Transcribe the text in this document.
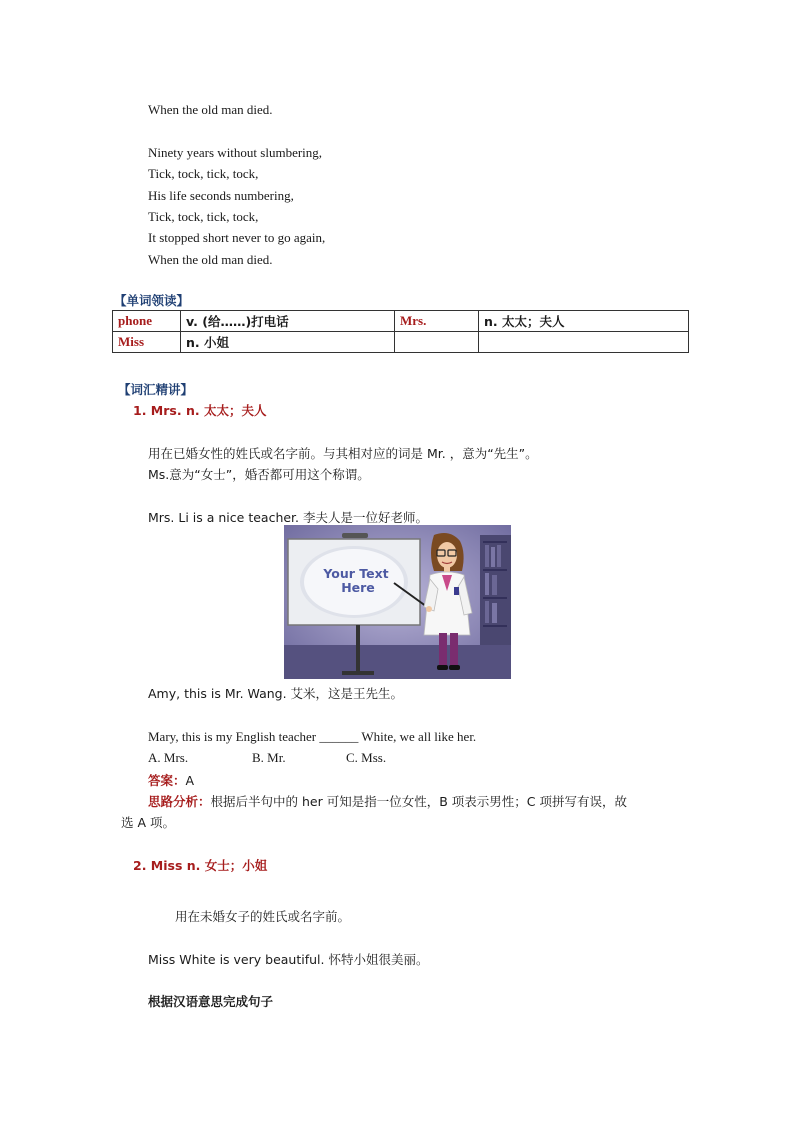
When the old man died.
Ninety years without slumbering,
Tick, tock, tick, tock,
His life seconds numbering,
Tick, tock, tick, tock,
It stopped short never to go again,
When the old man died.
【单词领读】
phone	v. (给……)打电话	Mrs.	n. 太太；夫人
Miss	n. 小姐		
【词汇精讲】
1. Mrs. n. 太太；夫人
用在已婚女性的姓氏或名字前。与其相对应的词是 Mr. ，意为“先生”。
Ms.意为“女士”，婚否都可用这个称谓。
Mrs. Li is a nice teacher. 李夫人是一位好老师。
Your Text
Here
Amy, this is Mr. Wang. 艾米，这是王先生。
Mary, this is my English teacher ______ White, we all like her.
A. Mrs.	B. Mr.	C. Mss.
答案：A
思路分析：根据后半句中的 her 可知是指一位女性，B 项表示男性；C 项拼写有误，故
选 A 项。
2. Miss n. 女士；小姐
用在未婚女子的姓氏或名字前。
Miss White is very beautiful. 怀特小姐很美丽。
根据汉语意思完成句子
